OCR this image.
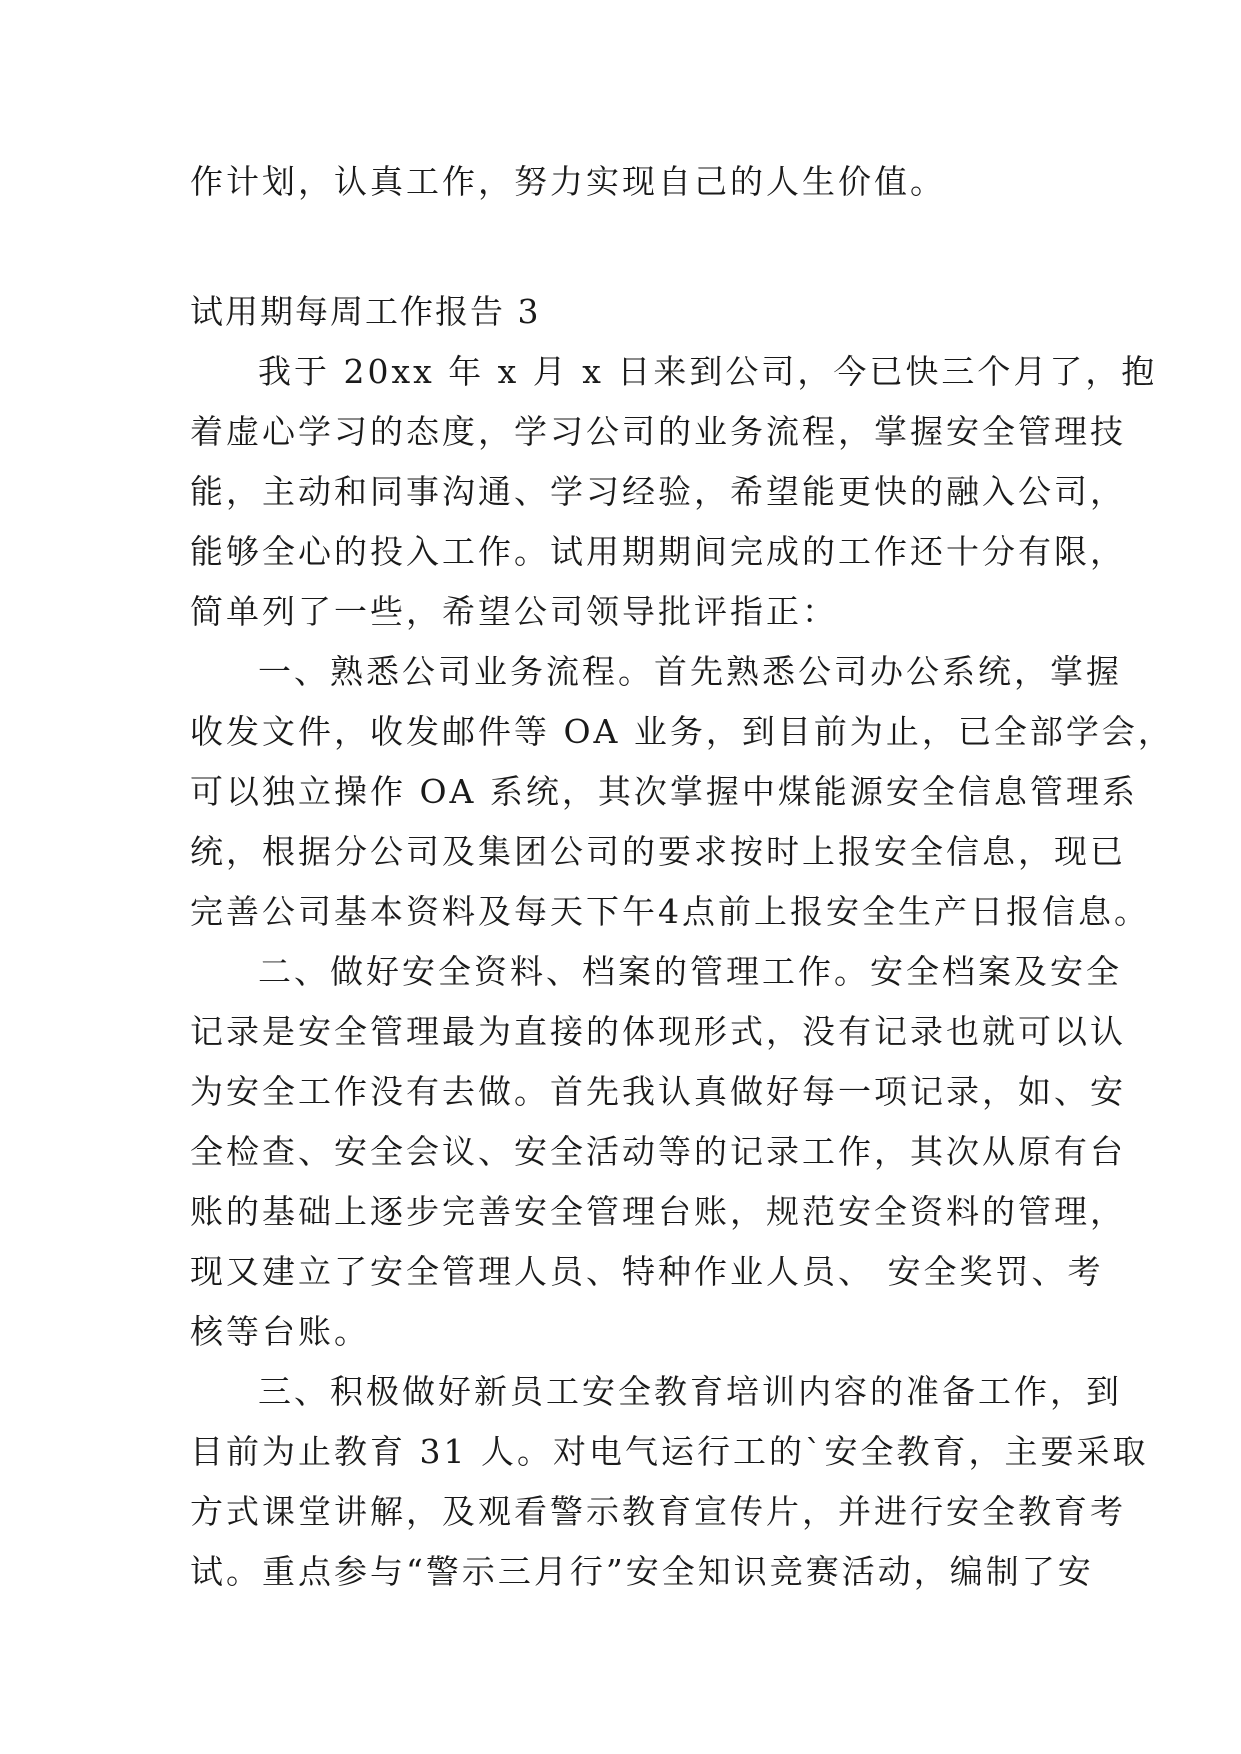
作计划，认真工作，努力实现自己的人生价值。

试用期每周工作报告 3

我于 20xx 年 x 月 x 日来到公司，今已快三个月了，抱

着虚心学习的态度，学习公司的业务流程，掌握安全管理技

能，主动和同事沟通、学习经验，希望能更快的融入公司，

能够全心的投入工作。试用期期间完成的工作还十分有限，

简单列了一些，希望公司领导批评指正：

一、熟悉公司业务流程。首先熟悉公司办公系统，掌握

收发文件，收发邮件等 OA 业务，到目前为止，已全部学会，

可以独立操作 OA 系统，其次掌握中煤能源安全信息管理系

统，根据分公司及集团公司的要求按时上报安全信息，现已

完善公司基本资料及每天下午4点前上报安全生产日报信息。

二、做好安全资料、档案的管理工作。安全档案及安全

记录是安全管理最为直接的体现形式，没有记录也就可以认

为安全工作没有去做。首先我认真做好每一项记录，如、安

全检查、安全会议、安全活动等的记录工作，其次从原有台

账的基础上逐步完善安全管理台账，规范安全资料的管理，

现又建立了安全管理人员、特种作业人员、 安全奖罚、考

核等台账。

三、积极做好新员工安全教育培训内容的准备工作，到

目前为止教育 31 人。对电气运行工的`安全教育，主要采取

方式课堂讲解，及观看警示教育宣传片，并进行安全教育考

试。重点参与“警示三月行”安全知识竞赛活动，编制了安
